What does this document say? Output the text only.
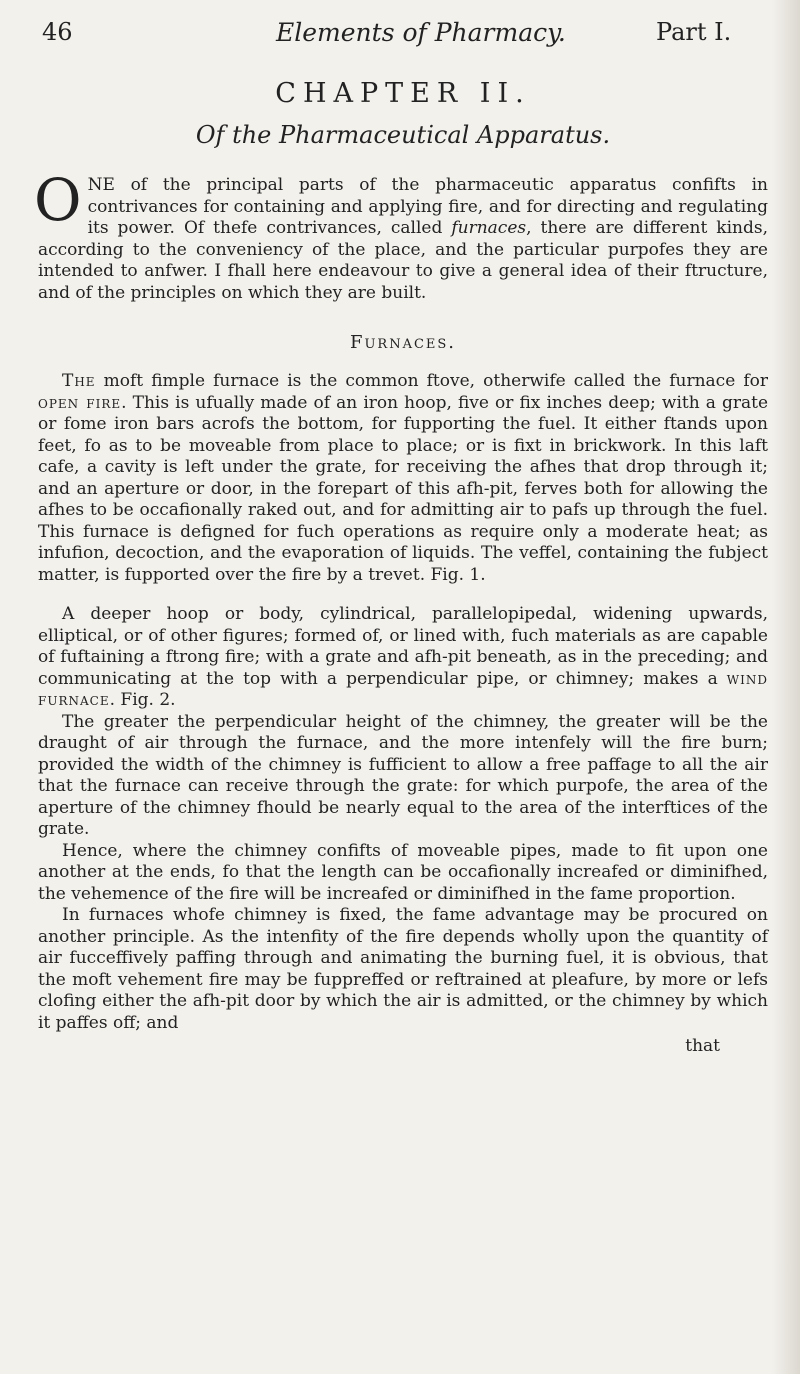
46	Elements of Pharmacy.	Part I.
CHAPTER II.
Of the Pharmaceutical Apparatus.

ONE of the principal parts of the pharmaceutic apparatus confifts in contrivances for containing and applying fire, and for directing and regulating its power. Of thefe contrivances, called furnaces, there are different kinds, according to the conveniency of the place, and the particular purpofes they are intended to anfwer. I fhall here endeavour to give a general idea of their ftructure, and of the principles on which they are built.

Furnaces.

The moft fimple furnace is the common ftove, otherwife called the furnace for open fire. This is ufually made of an iron hoop, five or fix inches deep; with a grate or fome iron bars acrofs the bottom, for fupporting the fuel. It either ftands upon feet, fo as to be moveable from place to place; or is fixt in brickwork. In this laft cafe, a cavity is left under the grate, for receiving the afhes that drop through it; and an aperture or door, in the forepart of this afh-pit, ferves both for allowing the afhes to be occafionally raked out, and for admitting air to pafs up through the fuel. This furnace is defigned for fuch operations as require only a moderate heat; as infufion, decoction, and the evaporation of liquids. The veffel, containing the fubject matter, is fupported over the fire by a trevet. Fig. 1.

A deeper hoop or body, cylindrical, parallelopipedal, widening upwards, elliptical, or of other figures; formed of, or lined with, fuch materials as are capable of fuftaining a ftrong fire; with a grate and afh-pit beneath, as in the preceding; and communicating at the top with a perpendicular pipe, or chimney; makes a wind furnace. Fig. 2.

The greater the perpendicular height of the chimney, the greater will be the draught of air through the furnace, and the more intenfely will the fire burn; provided the width of the chimney is fufficient to allow a free paffage to all the air that the furnace can receive through the grate: for which purpofe, the area of the aperture of the chimney fhould be nearly equal to the area of the interftices of the grate.

Hence, where the chimney confifts of moveable pipes, made to fit upon one another at the ends, fo that the length can be occafionally increafed or diminifhed, the vehemence of the fire will be increafed or diminifhed in the fame proportion.

In furnaces whofe chimney is fixed, the fame advantage may be procured on another principle. As the intenfity of the fire depends wholly upon the quantity of air fucceffively paffing through and animating the burning fuel, it is obvious, that the moft vehement fire may be fuppreffed or reftrained at pleafure, by more or lefs clofing either the afh-pit door by which the air is admitted, or the chimney by which it paffes off; and

that
